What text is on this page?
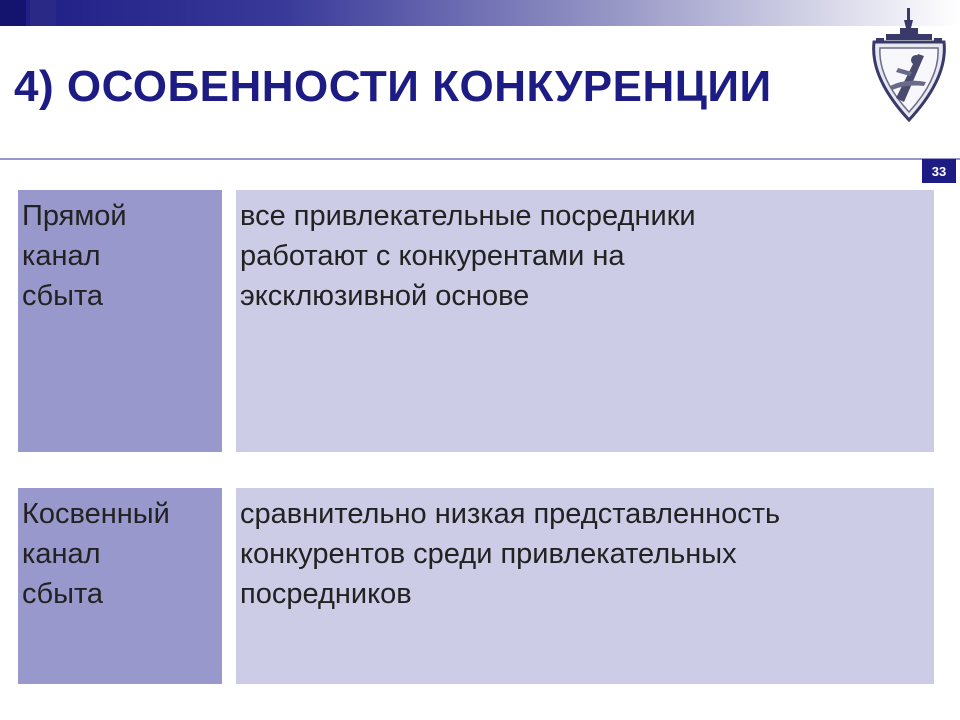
4) ОСОБЕННОСТИ КОНКУРЕНЦИИ
33
Прямой
канал
сбыта
все привлекательные посредники
работают с конкурентами на
эксклюзивной основе
Косвенный
канал
сбыта
сравнительно низкая представленность
конкурентов среди привлекательных
посредников
